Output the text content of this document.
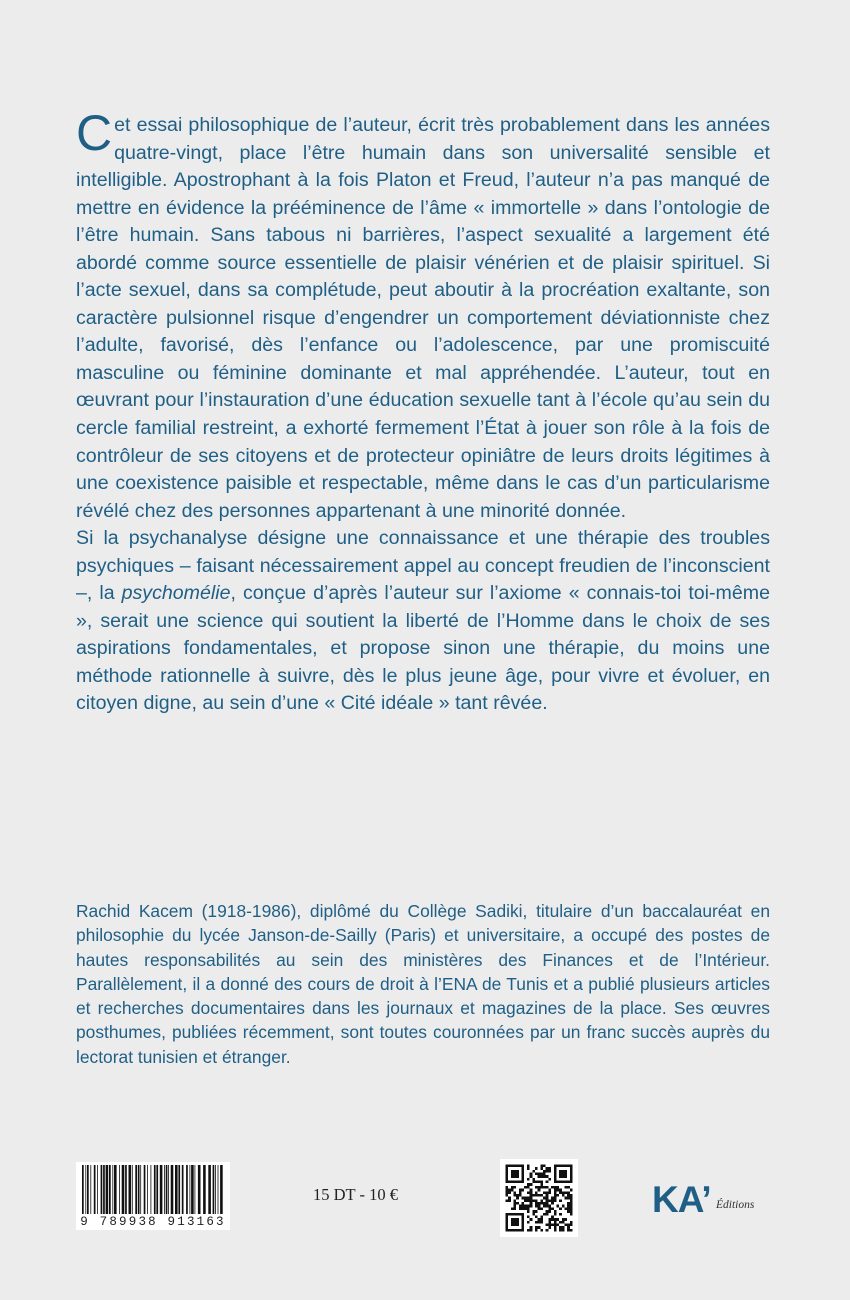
Cet essai philosophique de l’auteur, écrit très probablement dans les années quatre-vingt, place l’être humain dans son universalité sensible et intelligible. Apostrophant à la fois Platon et Freud, l’auteur n’a pas manqué de mettre en évidence la prééminence de l’âme « immortelle » dans l’ontologie de l’être humain. Sans tabous ni barrières, l’aspect sexualité a largement été abordé comme source essentielle de plaisir vénérien et de plaisir spirituel. Si l’acte sexuel, dans sa complétude, peut aboutir à la procréation exaltante, son caractère pulsionnel risque d’engendrer un comportement déviationniste chez l’adulte, favorisé, dès l’enfance ou l’adolescence, par une promiscuité masculine ou féminine dominante et mal appréhendée. L’auteur, tout en œuvrant pour l’instauration d’une éducation sexuelle tant à l’école qu’au sein du cercle familial restreint, a exhorté fermement l’État à jouer son rôle à la fois de contrôleur de ses citoyens et de protecteur opiniâtre de leurs droits légitimes à une coexistence paisible et respectable, même dans le cas d’un particularisme révélé chez des personnes appartenant à une minorité donnée.

Si la psychanalyse désigne une connaissance et une thérapie des troubles psychiques – faisant nécessairement appel au concept freudien de l’inconscient –, la psychomélie, conçue d’après l’auteur sur l’axiome « connais-toi toi-même », serait une science qui soutient la liberté de l’Homme dans le choix de ses aspirations fondamentales, et propose sinon une thérapie, du moins une méthode rationnelle à suivre, dès le plus jeune âge, pour vivre et évoluer, en citoyen digne, au sein d’une « Cité idéale » tant rêvée.

Rachid Kacem (1918-1986), diplômé du Collège Sadiki, titulaire d’un baccalauréat en philosophie du lycée Janson-de-Sailly (Paris) et universitaire, a occupé des postes de hautes responsabilités au sein des ministères des Finances et de l’Intérieur. Parallèlement, il a donné des cours de droit à l’ENA de Tunis et a publié plusieurs articles et recherches documentaires dans les journaux et magazines de la place. Ses œuvres posthumes, publiées récemment, sont toutes couronnées par un franc succès auprès du lectorat tunisien et étranger.

9 789938 913163
15 DT - 10 €	KA’ Éditions
